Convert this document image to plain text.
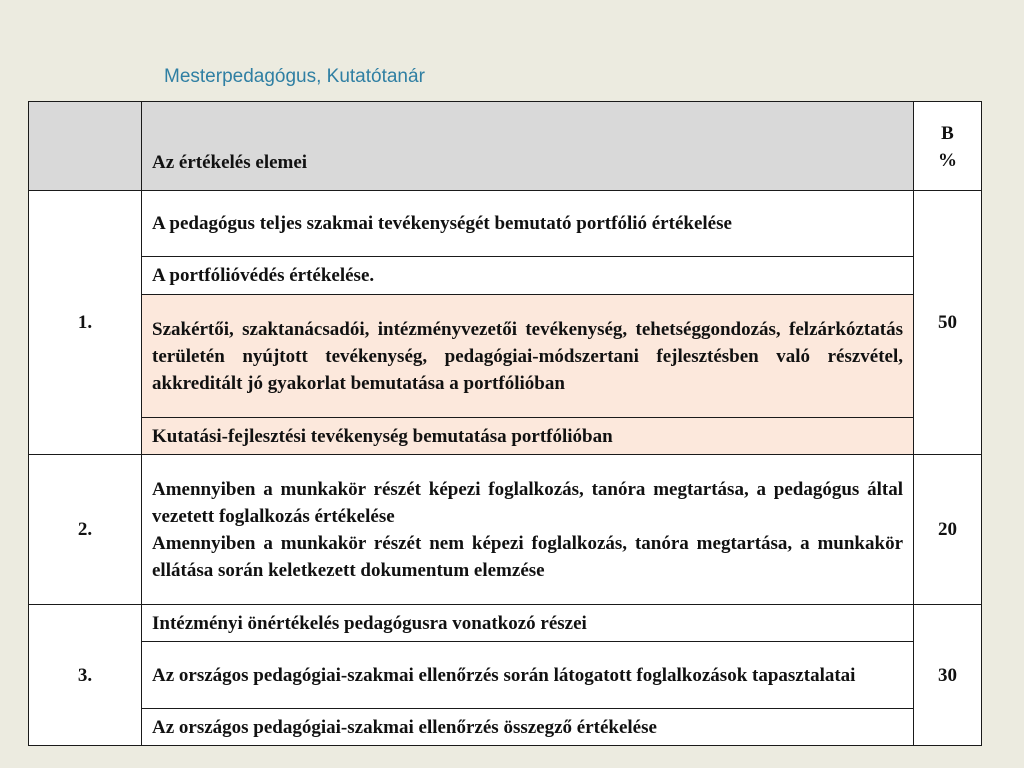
Mesterpedagógus, Kutatótanár
	Az értékelés elemei	B
%

1.	A pedagógus teljes szakmai tevékenységét bemutató portfólió értékelése	50
	A portfólióvédés értékelése.	
	Szakértői, szaktanácsadói, intézményvezetői tevékenység, tehetséggondozás, felzárkóztatás területén nyújtott tevékenység, pedagógiai-módszertani fejlesztésben való részvétel, akkreditált jó gyakorlat bemutatása a portfólióban	
	Kutatási-fejlesztési tevékenység bemutatása portfólióban	
2.	Amennyiben a munkakör részét képezi foglalkozás, tanóra megtartása, a pedagógus által vezetett foglalkozás értékelése
Amennyiben a munkakör részét nem képezi foglalkozás, tanóra megtartása, a munkakör ellátása során keletkezett dokumentum elemzése	20
3.	Intézményi önértékelés pedagógusra vonatkozó részei	30
	Az országos pedagógiai-szakmai ellenőrzés során látogatott foglalkozások tapasztalatai	
	Az országos pedagógiai-szakmai ellenőrzés összegző értékelése	
